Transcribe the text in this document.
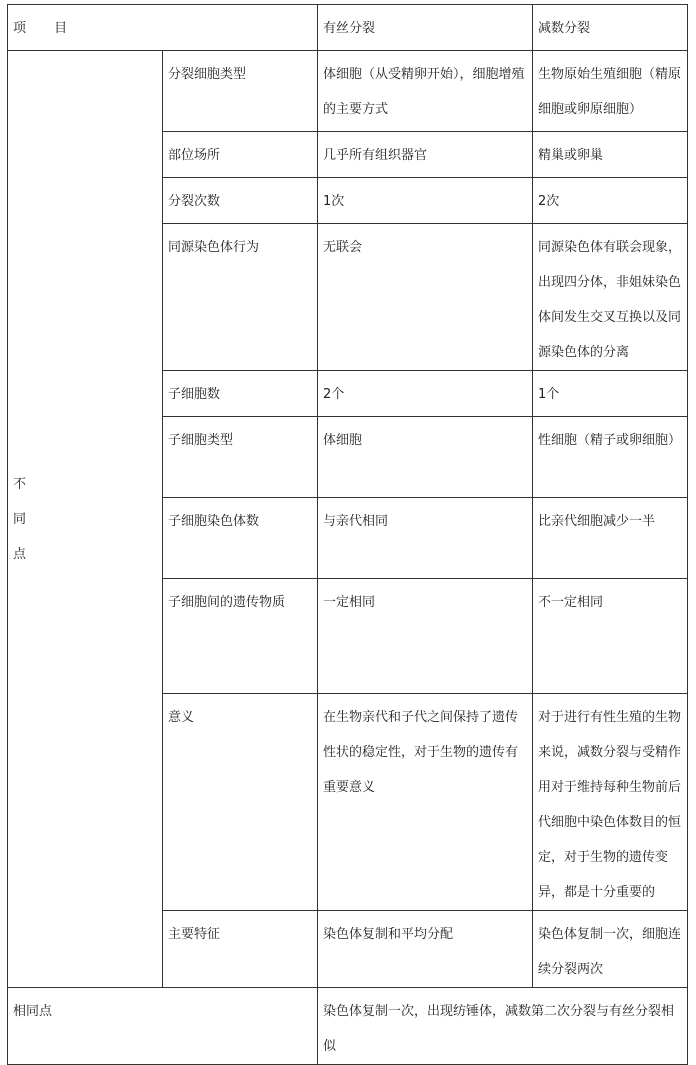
项 目		有丝分裂	减数分裂

不同点	分裂细胞类型	体细胞（从受精卵开始），细胞增殖的主要方式	生物原始生殖细胞（精原细胞或卵原细胞）
	部位场所	几乎所有组织器官	精巢或卵巢
	分裂次数	1次	2次
	同源染色体行为	无联会	同源染色体有联会现象，出现四分体，非姐妹染色体间发生交叉互换以及同源染色体的分离
	子细胞数	2个	1个
	子细胞类型	体细胞	性细胞（精子或卵细胞）
	子细胞染色体数	与亲代相同	比亲代细胞减少一半
	子细胞间的遗传物质	一定相同	不一定相同
	意义	在生物亲代和子代之间保持了遗传性状的稳定性，对于生物的遗传有重要意义	对于进行有性生殖的生物来说，减数分裂与受精作用对于维持每种生物前后代细胞中染色体数目的恒定，对于生物的遗传变异，都是十分重要的
	主要特征	染色体复制和平均分配	染色体复制一次，细胞连续分裂两次
相同点		染色体复制一次，出现纺锤体，减数第二次分裂与有丝分裂相似	
